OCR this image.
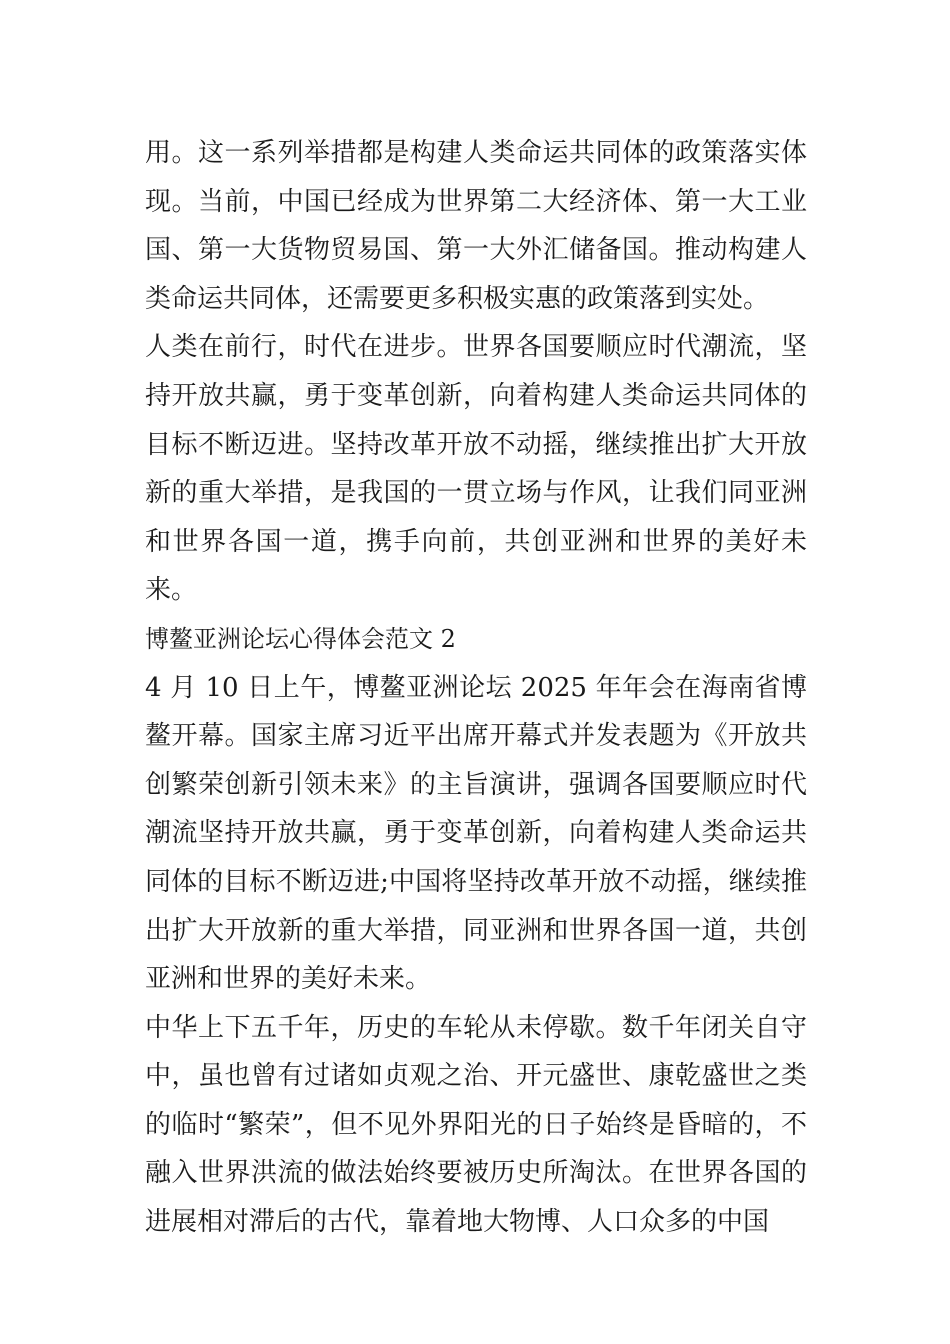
用。这一系列举措都是构建人类命运共同体的政策落实体现。当前，中国已经成为世界第二大经济体、第一大工业国、第一大货物贸易国、第一大外汇储备国。推动构建人类命运共同体，还需要更多积极实惠的政策落到实处。

人类在前行，时代在进步。世界各国要顺应时代潮流，坚持开放共赢，勇于变革创新，向着构建人类命运共同体的目标不断迈进。坚持改革开放不动摇，继续推出扩大开放新的重大举措，是我国的一贯立场与作风，让我们同亚洲和世界各国一道，携手向前，共创亚洲和世界的美好未来。

博鳌亚洲论坛心得体会范文 2

4 月 10 日上午，博鳌亚洲论坛 2025 年年会在海南省博鳌开幕。国家主席习近平出席开幕式并发表题为《开放共创繁荣创新引领未来》的主旨演讲，强调各国要顺应时代潮流坚持开放共赢，勇于变革创新，向着构建人类命运共同体的目标不断迈进;中国将坚持改革开放不动摇，继续推出扩大开放新的重大举措，同亚洲和世界各国一道，共创亚洲和世界的美好未来。

中华上下五千年，历史的车轮从未停歇。数千年闭关自守中，虽也曾有过诸如贞观之治、开元盛世、康乾盛世之类的临时“繁荣”，但不见外界阳光的日子始终是昏暗的，不融入世界洪流的做法始终要被历史所淘汰。在世界各国的进展相对滞后的古代，靠着地大物博、人口众多的中国
